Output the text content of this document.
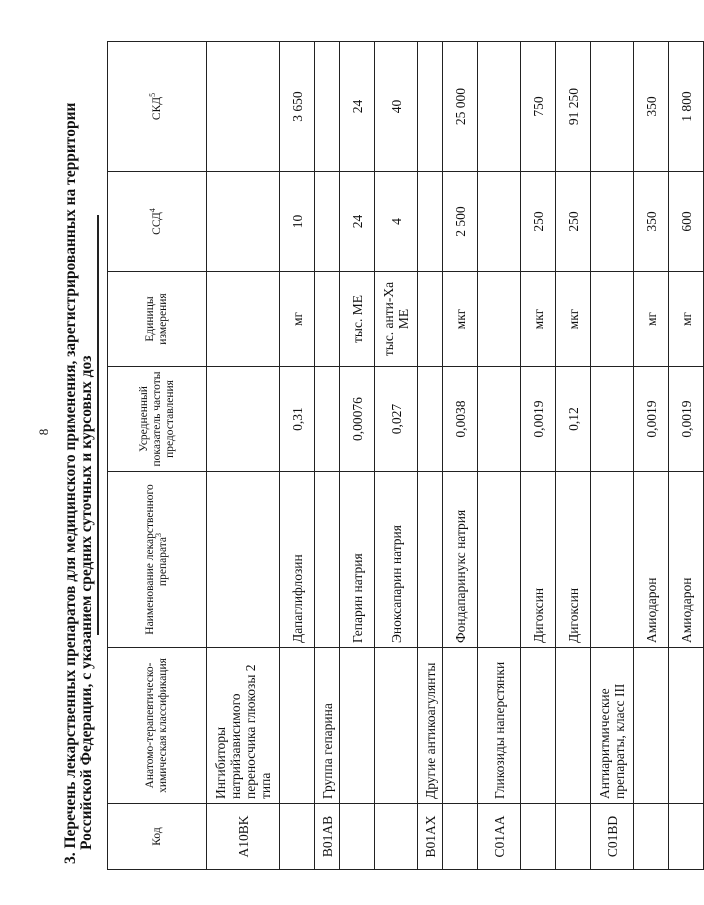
8 3. Перечень лекарственных препаратов для медицинского применения, зарегистрированных на территории Российской Федерации, с указанием средних суточных и курсовых доз	Код	Анатомо-терапевтическо-химическая классификация	Наименование лекарственного препарата$^3$	Усредненный показатель частоты предоставления	Единицы измерения	ССД$^4$	СКД$^5$
A10BK	Ингибиторы натрийзависимого переносчика глюкозы 2 типа					
		Дапаглифлозин	0,31	мг	10	3 650
B01AB	Группа гепарина					
		Гепарин натрия	0,00076	тыс. МЕ	24	24
		Эноксапарин натрия	0,027	тыс. анти-Xa МЕ	4	40
B01AX	Другие антикоагулянты					
		Фондапаринукс натрия	0,0038	мкг	2 500	25 000
C01AA	Гликозиды наперстянки					
		Дигоксин	0,0019	мкг	250	750
		Дигоксин	0,12	мкг	250	91 250
C01BD	Антиаритмические препараты, класс III					
		Амиодарон	0,0019	мг	350	350
		Амиодарон	0,0019	мг	600	1 800
